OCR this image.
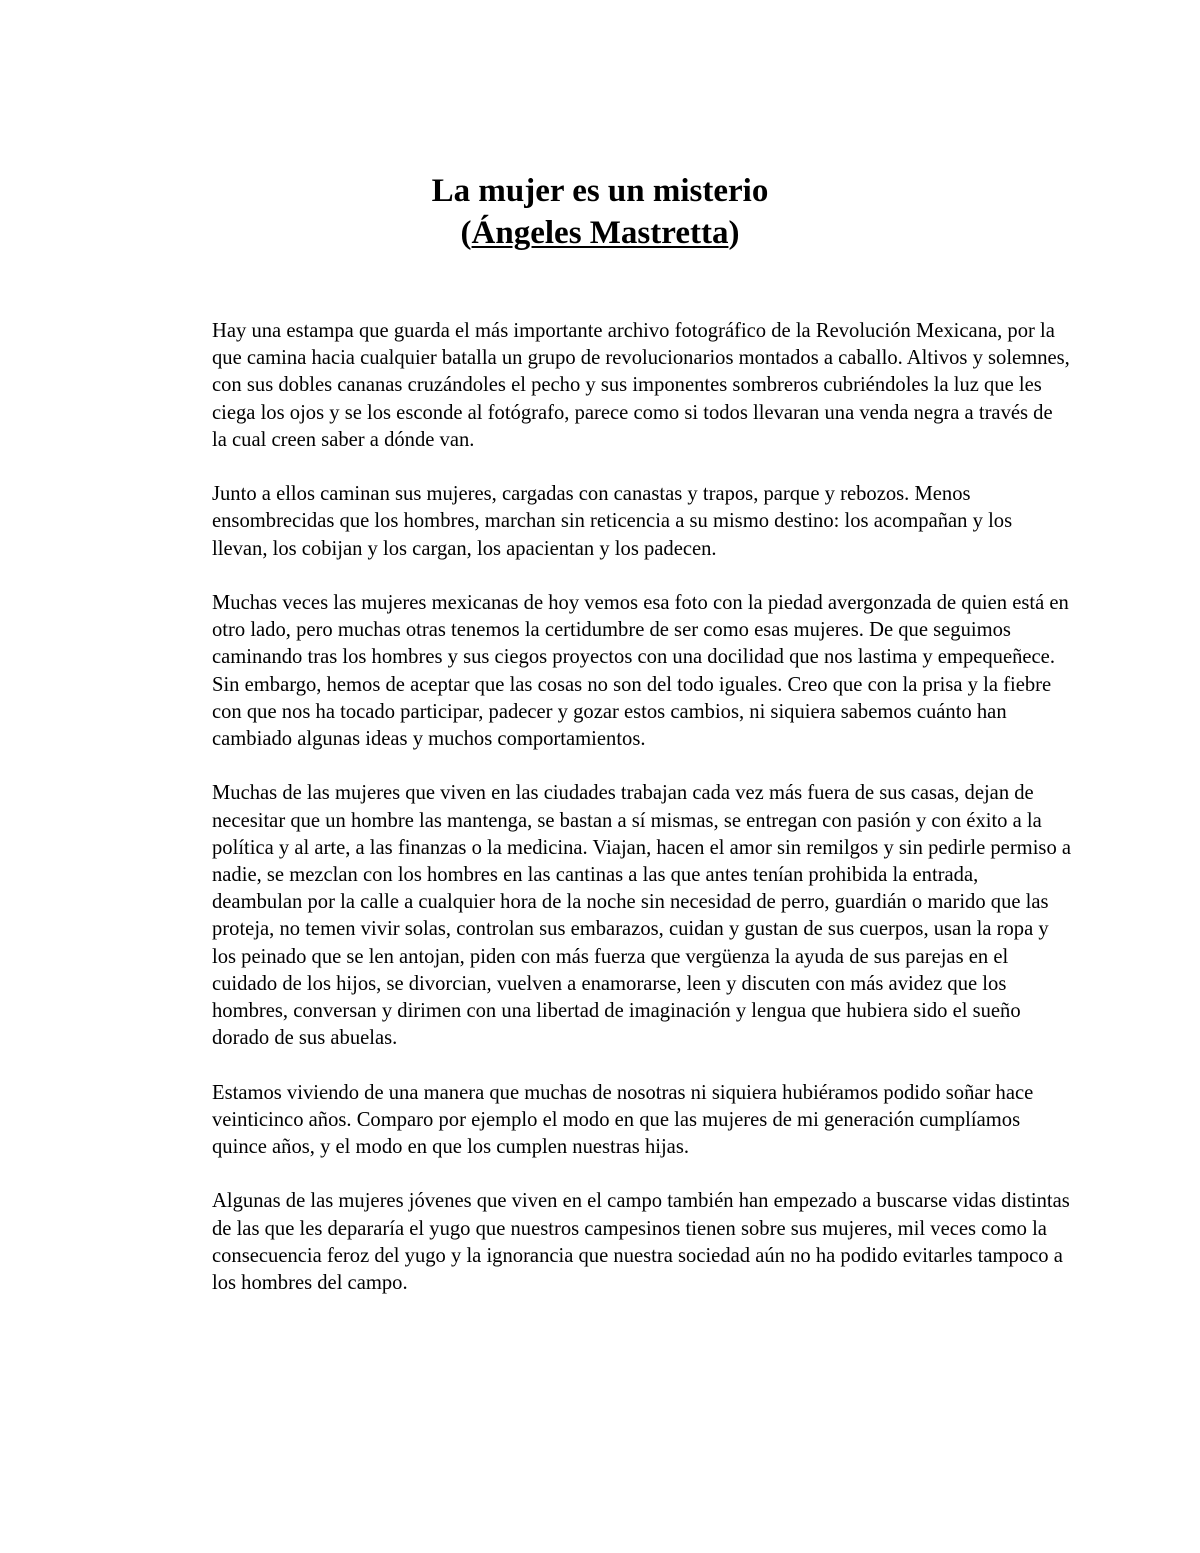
La mujer es un misterio
(Ángeles Mastretta)

Hay una estampa que guarda el más importante archivo fotográfico de la Revolución Mexicana, por la que camina hacia cualquier batalla un grupo de revolucionarios montados a caballo. Altivos y solemnes, con sus dobles cananas cruzándoles el pecho y sus imponentes sombreros cubriéndoles la luz que les ciega los ojos y se los esconde al fotógrafo, parece como si todos llevaran una venda negra a través de la cual creen saber a dónde van.

Junto a ellos caminan sus mujeres, cargadas con canastas y trapos, parque y rebozos. Menos ensombrecidas que los hombres, marchan sin reticencia a su mismo destino: los acompañan y los llevan, los cobijan y los cargan, los apacientan y los padecen.

Muchas veces las mujeres mexicanas de hoy vemos esa foto con la piedad avergonzada de quien está en otro lado, pero muchas otras tenemos la certidumbre de ser como esas mujeres. De que seguimos caminando tras los hombres y sus ciegos proyectos con una docilidad que nos lastima y empequeñece. Sin embargo, hemos de aceptar que las cosas no son del todo iguales. Creo que con la prisa y la fiebre con que nos ha tocado participar, padecer y gozar estos cambios, ni siquiera sabemos cuánto han cambiado algunas ideas y muchos comportamientos.

Muchas de las mujeres que viven en las ciudades trabajan cada vez más fuera de sus casas, dejan de necesitar que un hombre las mantenga, se bastan a sí mismas, se entregan con pasión y con éxito a la política y al arte, a las finanzas o la medicina. Viajan, hacen el amor sin remilgos y sin pedirle permiso a nadie, se mezclan con los hombres en las cantinas a las que antes tenían prohibida la entrada, deambulan por la calle a cualquier hora de la noche sin necesidad de perro, guardián o marido que las proteja, no temen vivir solas, controlan sus embarazos, cuidan y gustan de sus cuerpos, usan la ropa y los peinado que se len antojan, piden con más fuerza que vergüenza la ayuda de sus parejas en el cuidado de los hijos, se divorcian, vuelven a enamorarse, leen y discuten con más avidez que los hombres, conversan y dirimen con una libertad de imaginación y lengua que hubiera sido el sueño dorado de sus abuelas.

Estamos viviendo de una manera que muchas de nosotras ni siquiera hubiéramos podido soñar hace veinticinco años. Comparo por ejemplo el modo en que las mujeres de mi generación cumplíamos quince años, y el modo en que los cumplen nuestras hijas.

Algunas de las mujeres jóvenes que viven en el campo también han empezado a buscarse vidas distintas de las que les depararía el yugo que nuestros campesinos tienen sobre sus mujeres, mil veces como la consecuencia feroz del yugo y la ignorancia que nuestra sociedad aún no ha podido evitarles tampoco a los hombres del campo.
